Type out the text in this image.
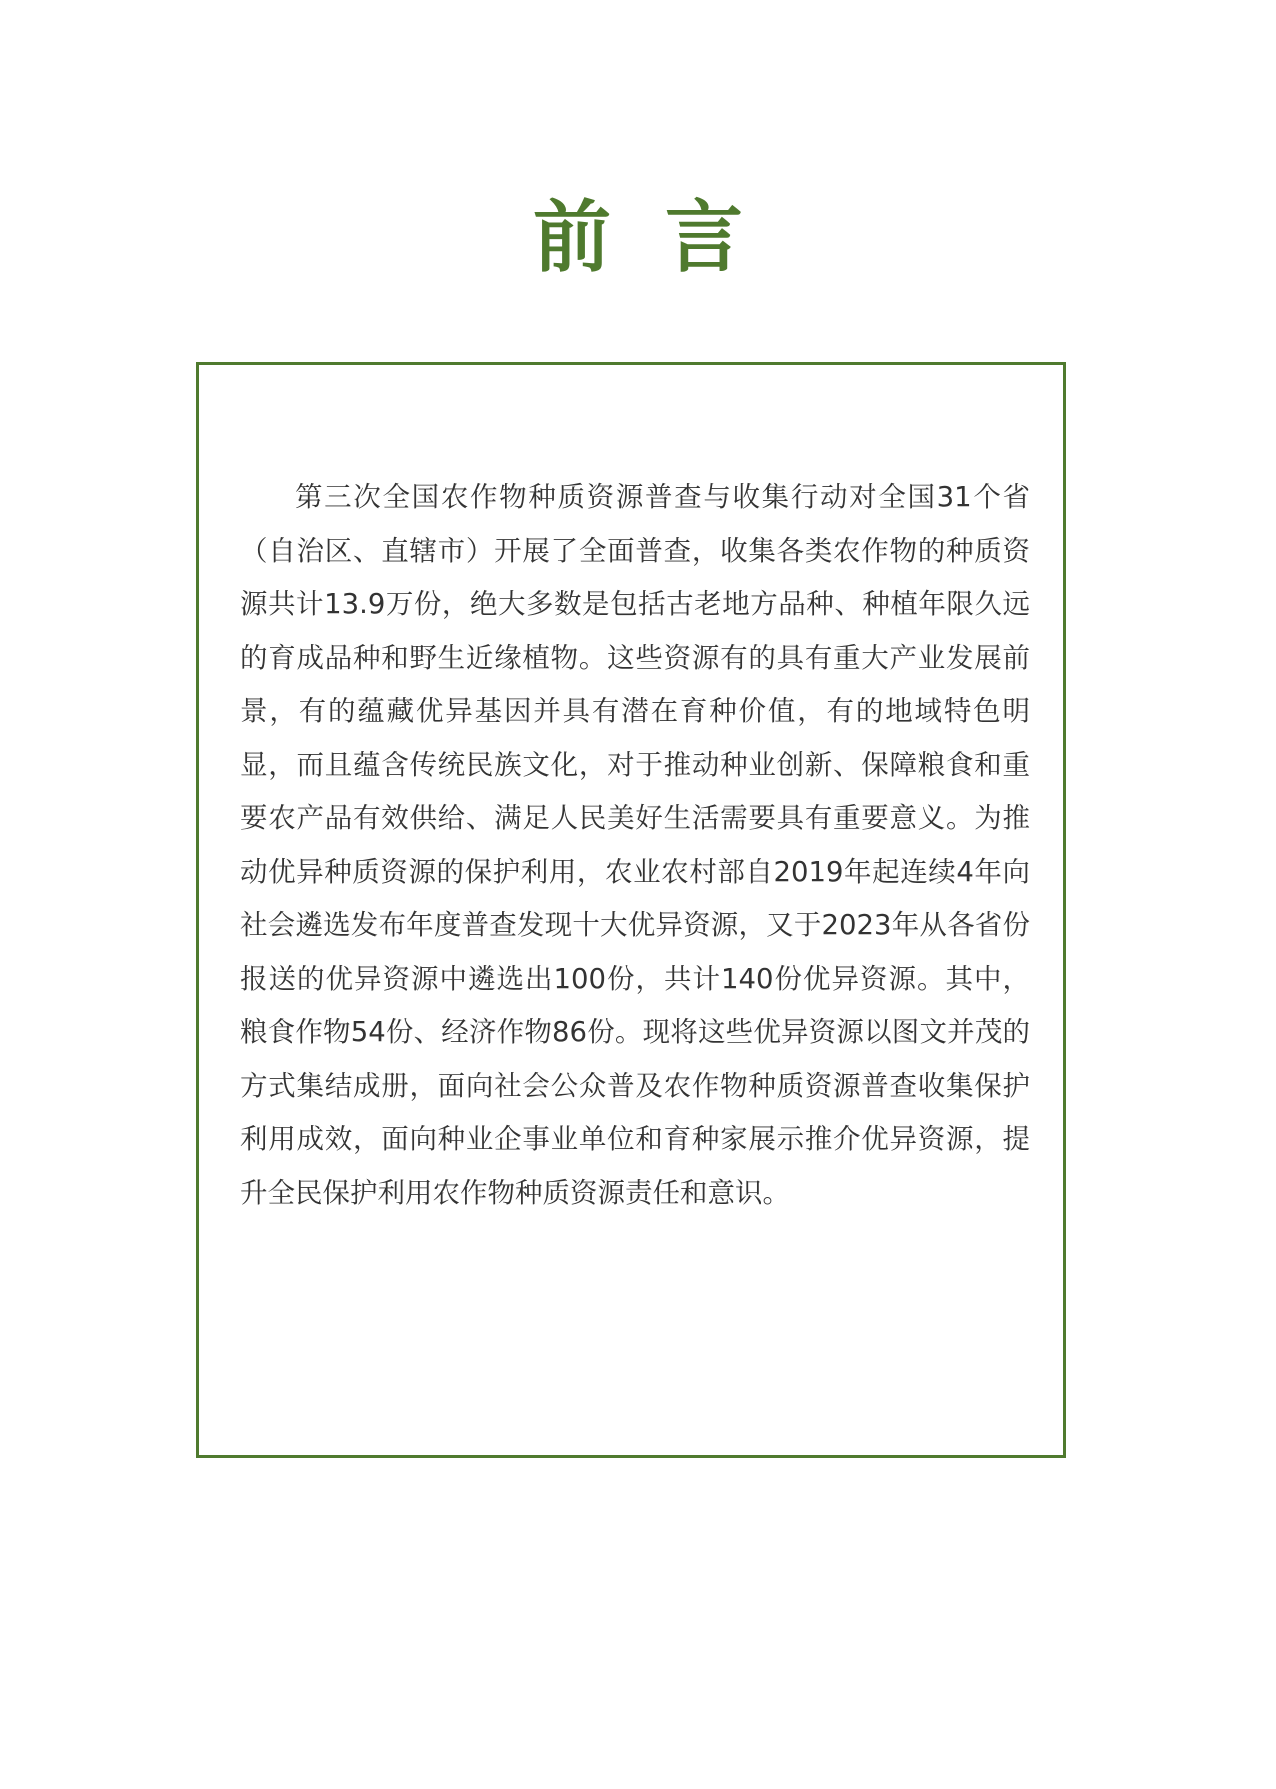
前言

第三次全国农作物种质资源普查与收集行动对全国31个省（自治区、直辖市）开展了全面普查，收集各类农作物的种质资源共计13.9万份，绝大多数是包括古老地方品种、种植年限久远的育成品种和野生近缘植物。这些资源有的具有重大产业发展前景，有的蕴藏优异基因并具有潜在育种价值，有的地域特色明显，而且蕴含传统民族文化，对于推动种业创新、保障粮食和重要农产品有效供给、满足人民美好生活需要具有重要意义。为推动优异种质资源的保护利用，农业农村部自2019年起连续4年向社会遴选发布年度普查发现十大优异资源，又于2023年从各省份报送的优异资源中遴选出100份，共计140份优异资源。其中，粮食作物54份、经济作物86份。现将这些优异资源以图文并茂的方式集结成册，面向社会公众普及农作物种质资源普查收集保护利用成效，面向种业企事业单位和育种家展示推介优异资源，提升全民保护利用农作物种质资源责任和意识。
